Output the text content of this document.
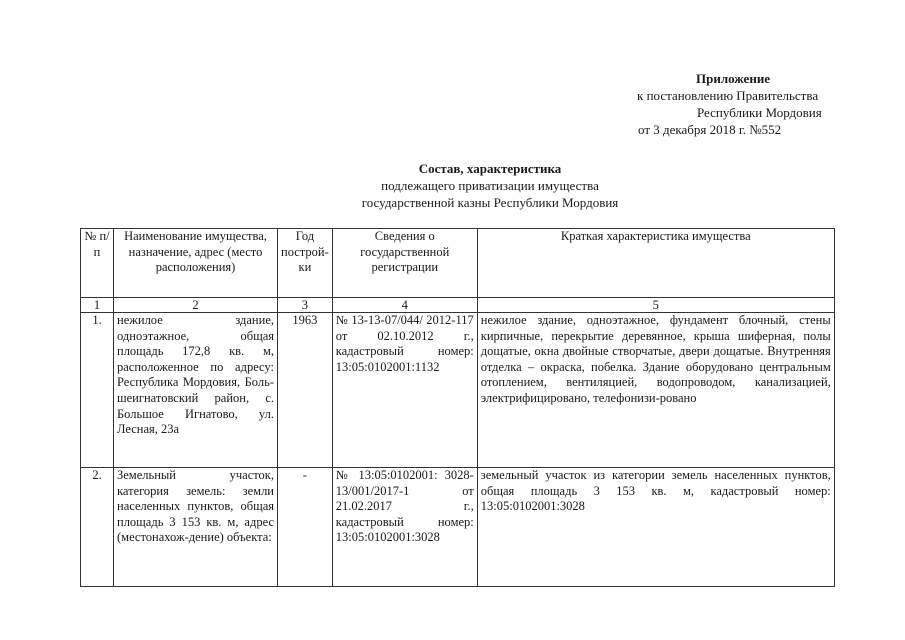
Приложение
к постановлению Правительства
Республики Мордовия
от 3 декабря 2018 г. №552
Состав, характеристика
подлежащего приватизации имущества
государственной казны Республики Мордовия
№ п/п	Наименование имущества, назначение, адрес (место расположения)	Год построй-ки	Сведения о государственной регистрации	Краткая характеристика имущества
1	2	3	4	5
1.	нежилое здание, одноэтажное, общая площадь 172,8 кв. м, расположенное по адресу: Республика Мордовия, Боль-шеигнатовский район, с. Большое Игнатово, ул. Лесная, 23а	1963	№ 13-13-07/044/ 2012-117 от 02.10.2012 г., кадастровый номер: 13:05:0102001:1132	нежилое здание, одноэтажное, фундамент блочный, стены кирпичные, перекрытие деревянное, крыша шиферная, полы дощатые, окна двойные створчатые, двери дощатые. Внутренняя отделка – окраска, побелка. Здание оборудовано центральным отоплением, вентиляцией, водопроводом, канализацией, электрифицировано, телефонизи-ровано
2.	Земельный участок, категория земель: земли населенных пунктов, общая площадь 3 153 кв. м, адрес (местонахож-дение) объекта:	-	№ 13:05:0102001: 3028- 13/001/2017-1 от 21.02.2017 г., кадастровый номер: 13:05:0102001:3028	земельный участок из категории земель населенных пунктов, общая площадь 3 153 кв. м, кадастровый номер: 13:05:0102001:3028
